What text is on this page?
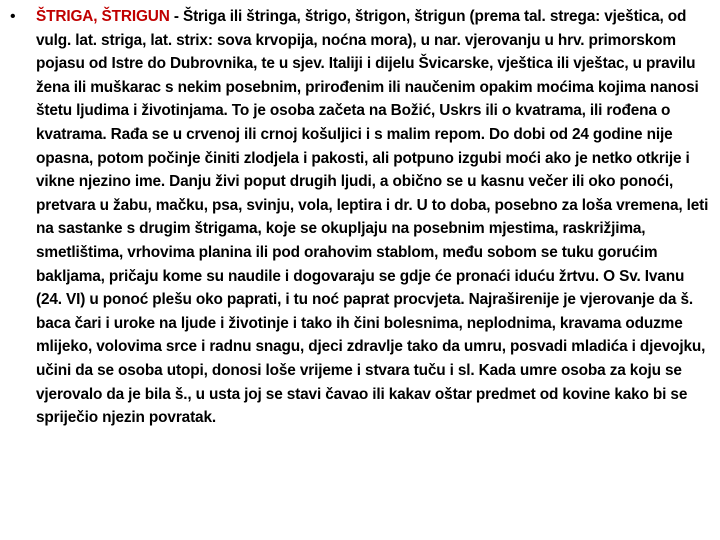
•	ŠTRIGA, ŠTRIGUN - Štriga ili štringa, štrigo, štrigon, štrigun (prema tal. strega: vještica, od vulg. lat. striga, lat. strix: sova krvopija, noćna mora), u nar. vjerovanju u hrv. primorskom pojasu od Istre do Dubrovnika, te u sjev. Italiji i dijelu Švicarske, vještica ili vještac, u pravilu žena ili muškarac s nekim posebnim, prirođenim ili naučenim opakim moćima kojima nanosi štetu ljudima i životinjama. To je osoba začeta na Božić, Uskrs ili o kvatrama, ili rođena o kvatrama. Rađa se u crvenoj ili crnoj košuljici i s malim repom. Do dobi od 24 godine nije opasna, potom počinje činiti zlodjela i pakosti, ali potpuno izgubi moći ako je netko otkrije i vikne njezino ime. Danju živi poput drugih ljudi, a obično se u kasnu večer ili oko ponoći, pretvara u žabu, mačku, psa, svinju, vola, leptira i dr. U to doba, posebno za loša vremena, leti na sastanke s drugim štrigama, koje se okupljaju na posebnim mjestima, raskrižjima, smetlištima, vrhovima planina ili pod orahovim stablom, među sobom se tuku gorućim bakljama, pričaju kome su naudile i dogovaraju se gdje će pronaći iduću žrtvu. O Sv. Ivanu (24. VI) u ponoć plešu oko paprati, i tu noć paprat procvjeta. Najraširenije je vjerovanje da š. baca čari i uroke na ljude i životinje i tako ih čini bolesnima, neplodnima, kravama oduzme mlijeko, volovima srce i radnu snagu, djeci zdravlje tako da umru, posvadi mladića i djevojku, učini da se osoba utopi, donosi loše vrijeme i stvara tuču i sl. Kada umre osoba za koju se vjerovalo da je bila š., u usta joj se stavi čavao ili kakav oštar predmet od kovine kako bi se spriječio njezin povratak.
